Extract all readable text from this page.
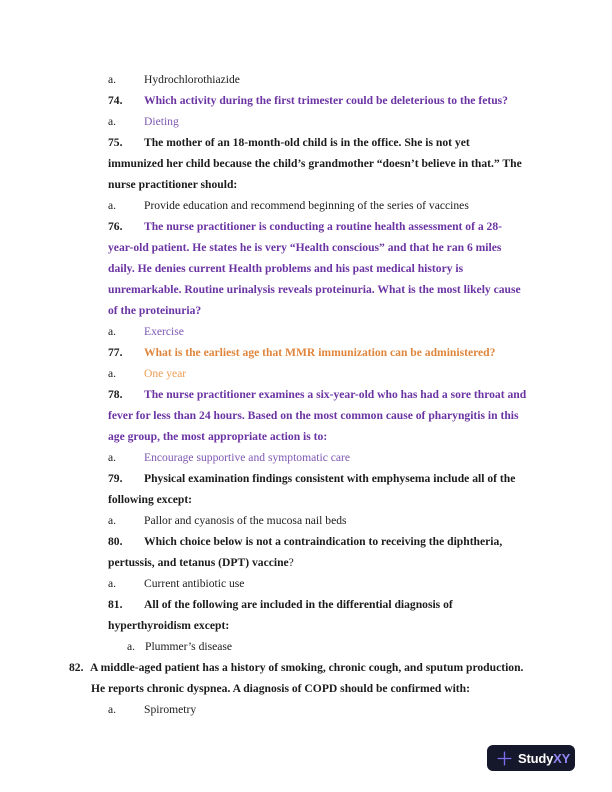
a. Hydrochlorothiazide
74. Which activity during the first trimester could be deleterious to the fetus?
a. Dieting
75. The mother of an 18-month-old child is in the office. She is not yet
immunized her child because the child’s grandmother “doesn’t believe in that.” The
nurse practitioner should:
a. Provide education and recommend beginning of the series of vaccines
76. The nurse practitioner is conducting a routine health assessment of a 28-
year-old patient. He states he is very “Health conscious” and that he ran 6 miles
daily. He denies current Health problems and his past medical history is
unremarkable. Routine urinalysis reveals proteinuria. What is the most likely cause
of the proteinuria?
a. Exercise
77. What is the earliest age that MMR immunization can be administered?
a. One year
78. The nurse practitioner examines a six-year-old who has had a sore throat and
fever for less than 24 hours. Based on the most common cause of pharyngitis in this
age group, the most appropriate action is to:
a. Encourage supportive and symptomatic care
79. Physical examination findings consistent with emphysema include all of the
following except:
a. Pallor and cyanosis of the mucosa nail beds
80. Which choice below is not a contraindication to receiving the diphtheria,
pertussis, and tetanus (DPT) vaccine?
a. Current antibiotic use
81. All of the following are included in the differential diagnosis of
hyperthyroidism except:
a. Plummer’s disease
82. A middle-aged patient has a history of smoking, chronic cough, and sputum production.
He reports chronic dyspnea. A diagnosis of COPD should be confirmed with:
a. Spirometry
StudyXY
